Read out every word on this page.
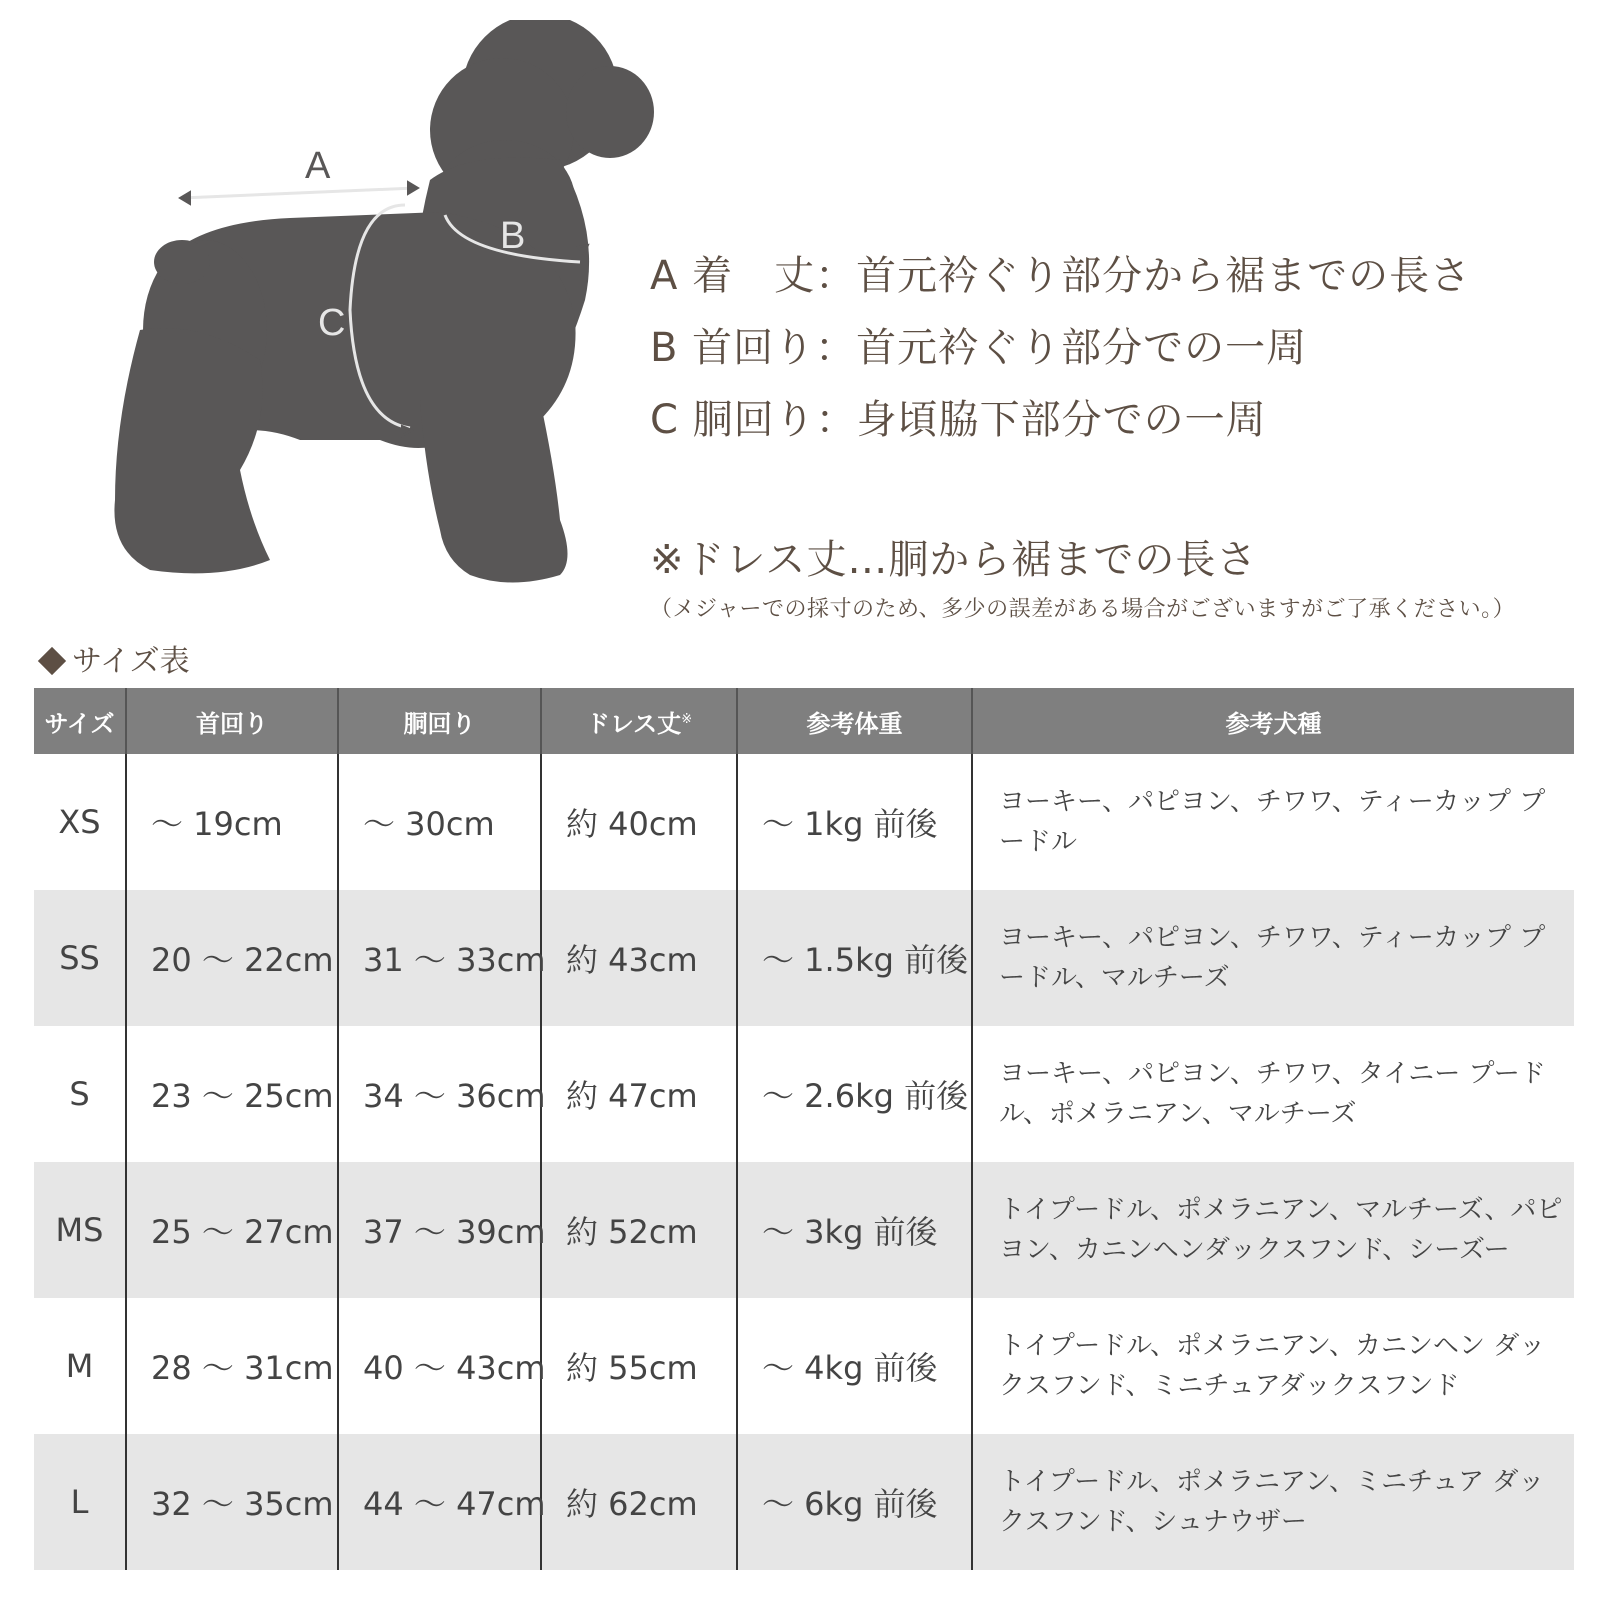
A
B
C
A 着　丈：首元衿ぐり部分から裾までの長さ
B 首回り：首元衿ぐり部分での一周
C 胴回り：身頃脇下部分での一周
※ドレス丈…胴から裾までの長さ
（メジャーでの採寸のため、多少の誤差がある場合がございますがご了承ください。）
サイズ表
サイズ	首回り	胴回り	ドレス丈※	参考体重	参考犬種
XS	～ 19cm	～ 30cm	約 40cm	～ 1kg 前後	ヨーキー、パピヨン、チワワ、ティーカップ プードル
SS	20 ～ 22cm	31 ～ 33cm	約 43cm	～ 1.5kg 前後	ヨーキー、パピヨン、チワワ、ティーカップ プードル、マルチーズ
S	23 ～ 25cm	34 ～ 36cm	約 47cm	～ 2.6kg 前後	ヨーキー、パピヨン、チワワ、タイニー プードル、ポメラニアン、マルチーズ
MS	25 ～ 27cm	37 ～ 39cm	約 52cm	～ 3kg 前後	トイプードル、ポメラニアン、マルチーズ、パピヨン、カニンヘンダックスフンド、シーズー
M	28 ～ 31cm	40 ～ 43cm	約 55cm	～ 4kg 前後	トイプードル、ポメラニアン、カニンヘン ダックスフンド、ミニチュアダックスフンド
L	32 ～ 35cm	44 ～ 47cm	約 62cm	～ 6kg 前後	トイプードル、ポメラニアン、ミニチュア ダックスフンド、シュナウザー
